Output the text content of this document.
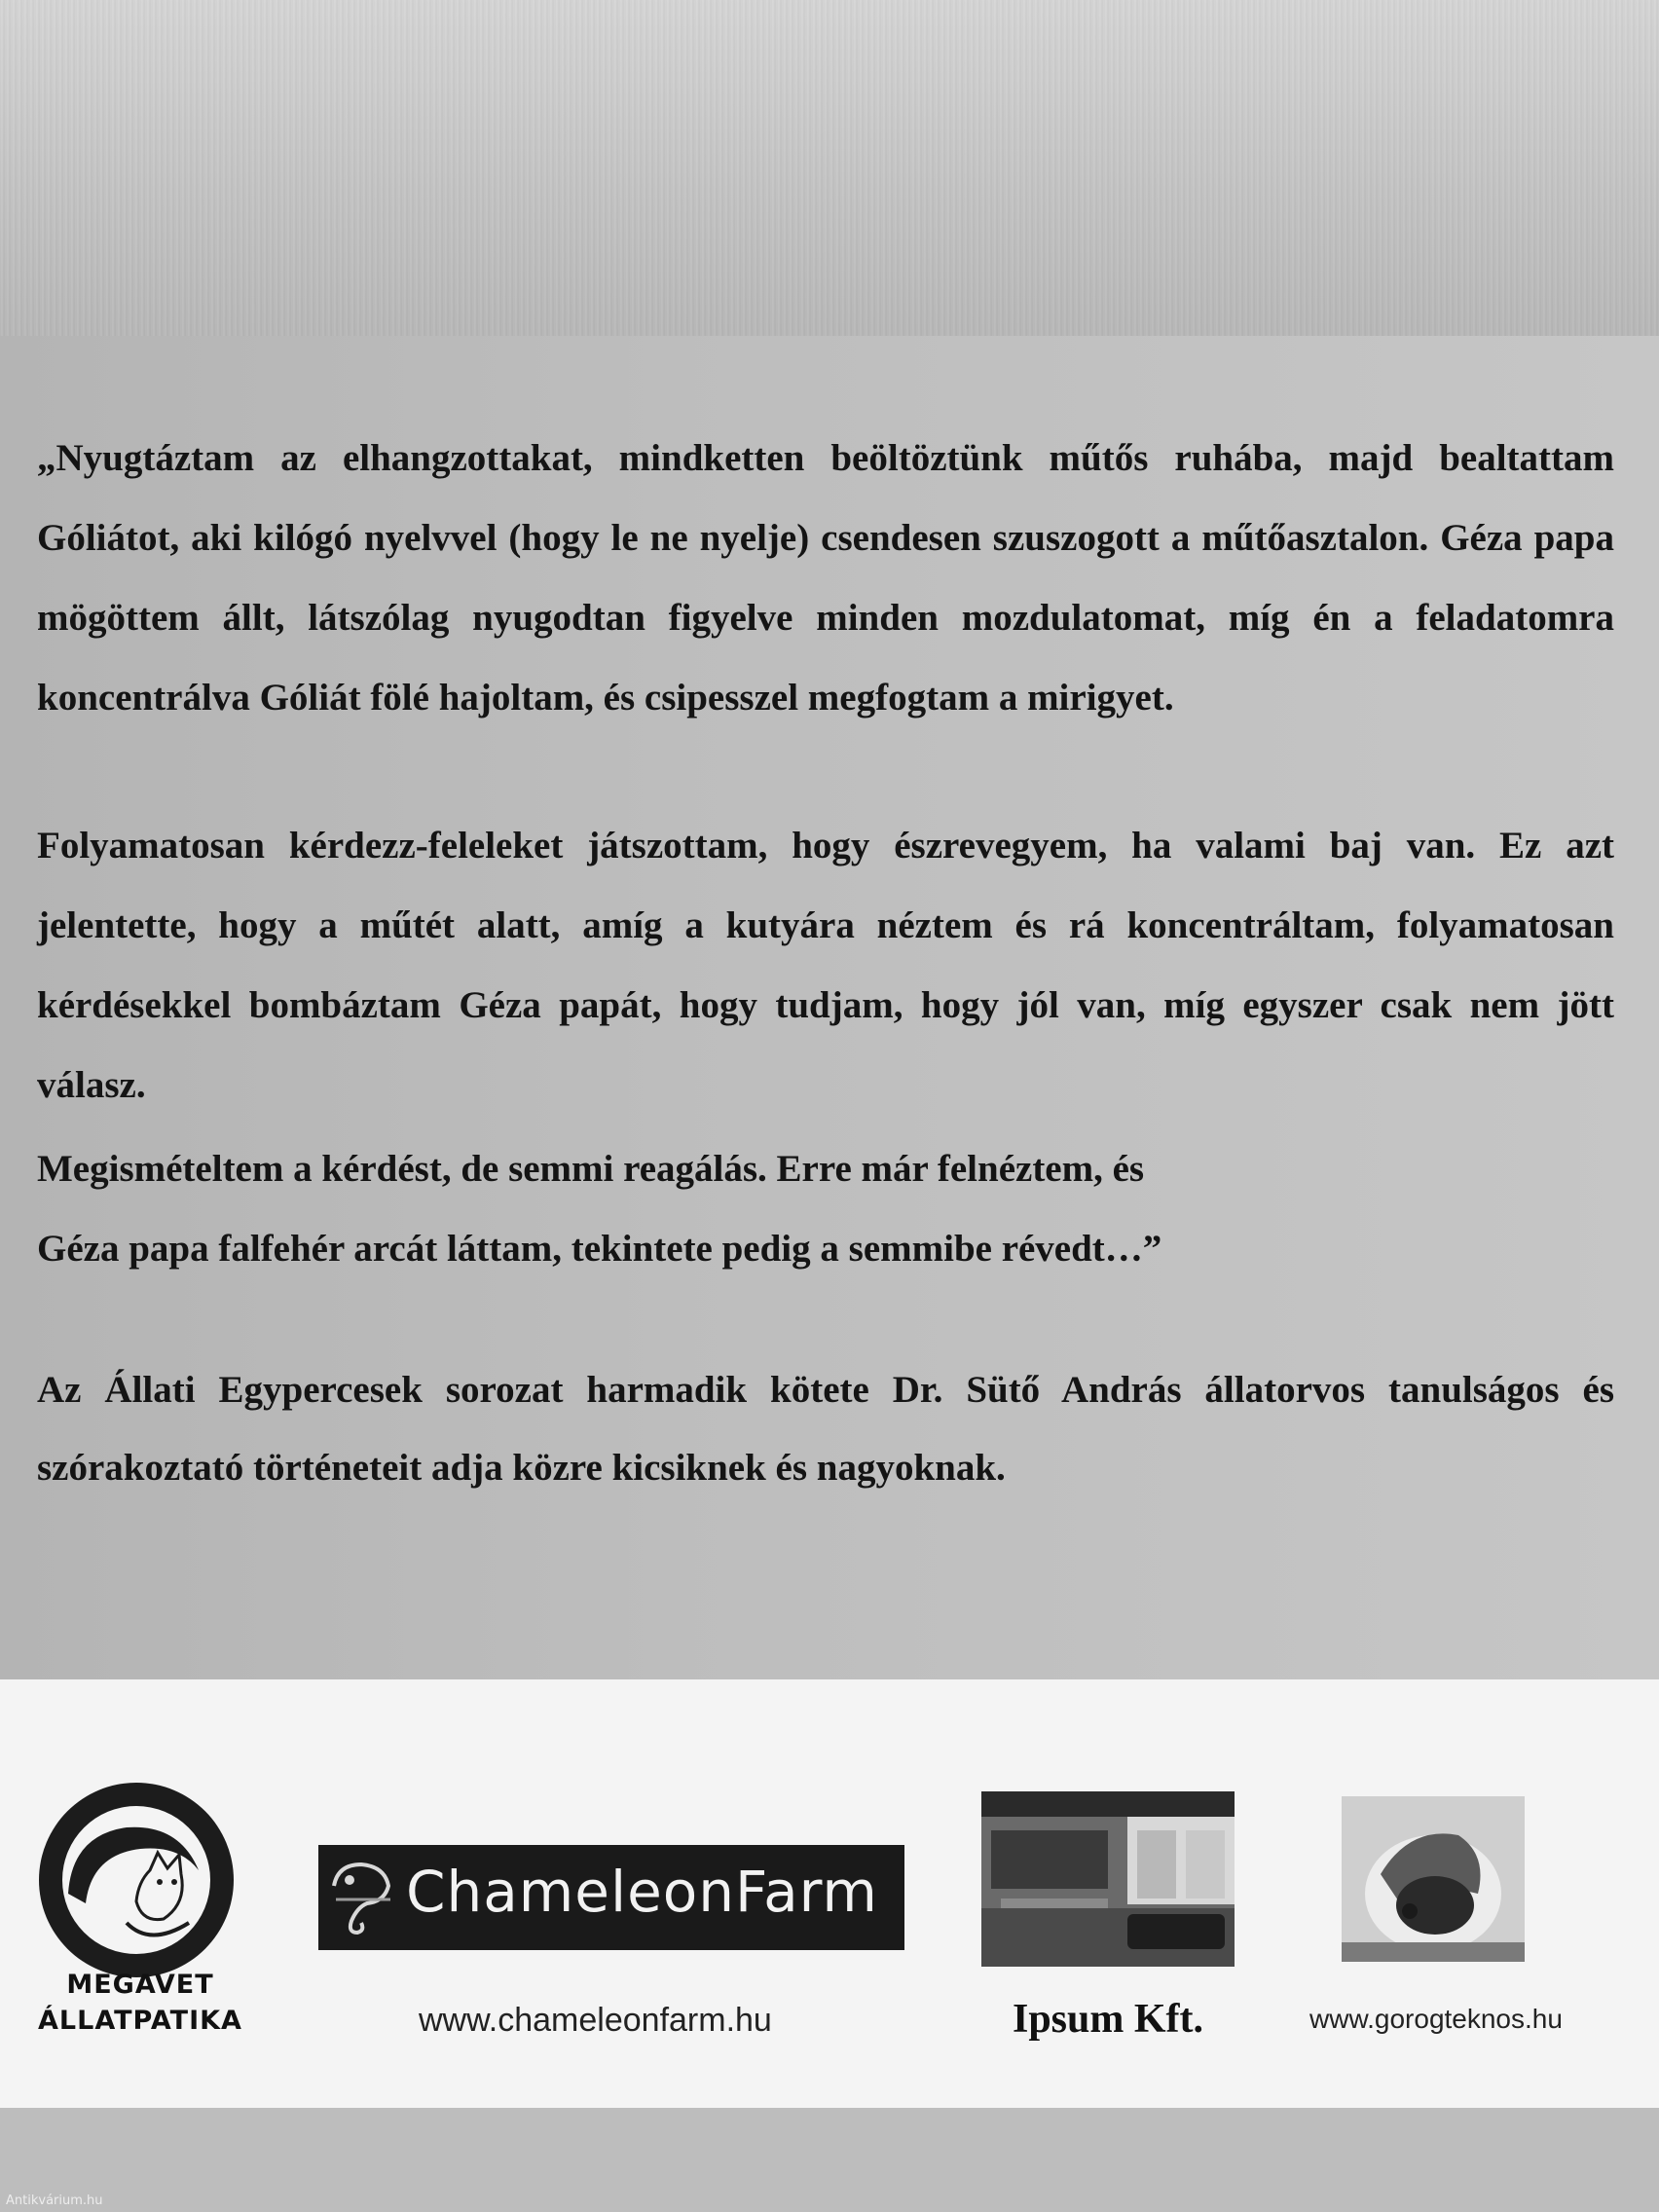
„Nyugtáztam az elhangzottakat, mindketten beöltöztünk műtős ruhába, majd bealtattam Góliátot, aki kilógó nyelvvel (hogy le ne nyelje) csendesen szuszogott a műtőasztalon. Géza papa mögöttem állt, látszólag nyugodtan figyelve minden mozdulatomat, míg én a feladatomra koncentrálva Góliát fölé hajoltam, és csipesszel megfogtam a mirigyet.

Folyamatosan kérdezz-feleleket játszottam, hogy észrevegyem, ha valami baj van. Ez azt jelentette, hogy a műtét alatt, amíg a kutyára néztem és rá koncentráltam, folyamatosan kérdésekkel bombáztam Géza papát, hogy tudjam, hogy jól van, míg egyszer csak nem jött válasz.

Megismételtem a kérdést, de semmi reagálás. Erre már felnéztem, és
Géza papa falfehér arcát láttam, tekintete pedig a semmibe révedt…”

Az Állati Egypercesek sorozat harmadik kötete Dr. Sütő András állatorvos tanulságos és szórakoztató történeteit adja közre kicsiknek és nagyoknak.

MEGAVET
ÁLLATPATIKA
ChameleonFarm
www.chameleonfarm.hu	Ipsum Kft.	www.gorogteknos.hu
Antikvárium.hu
